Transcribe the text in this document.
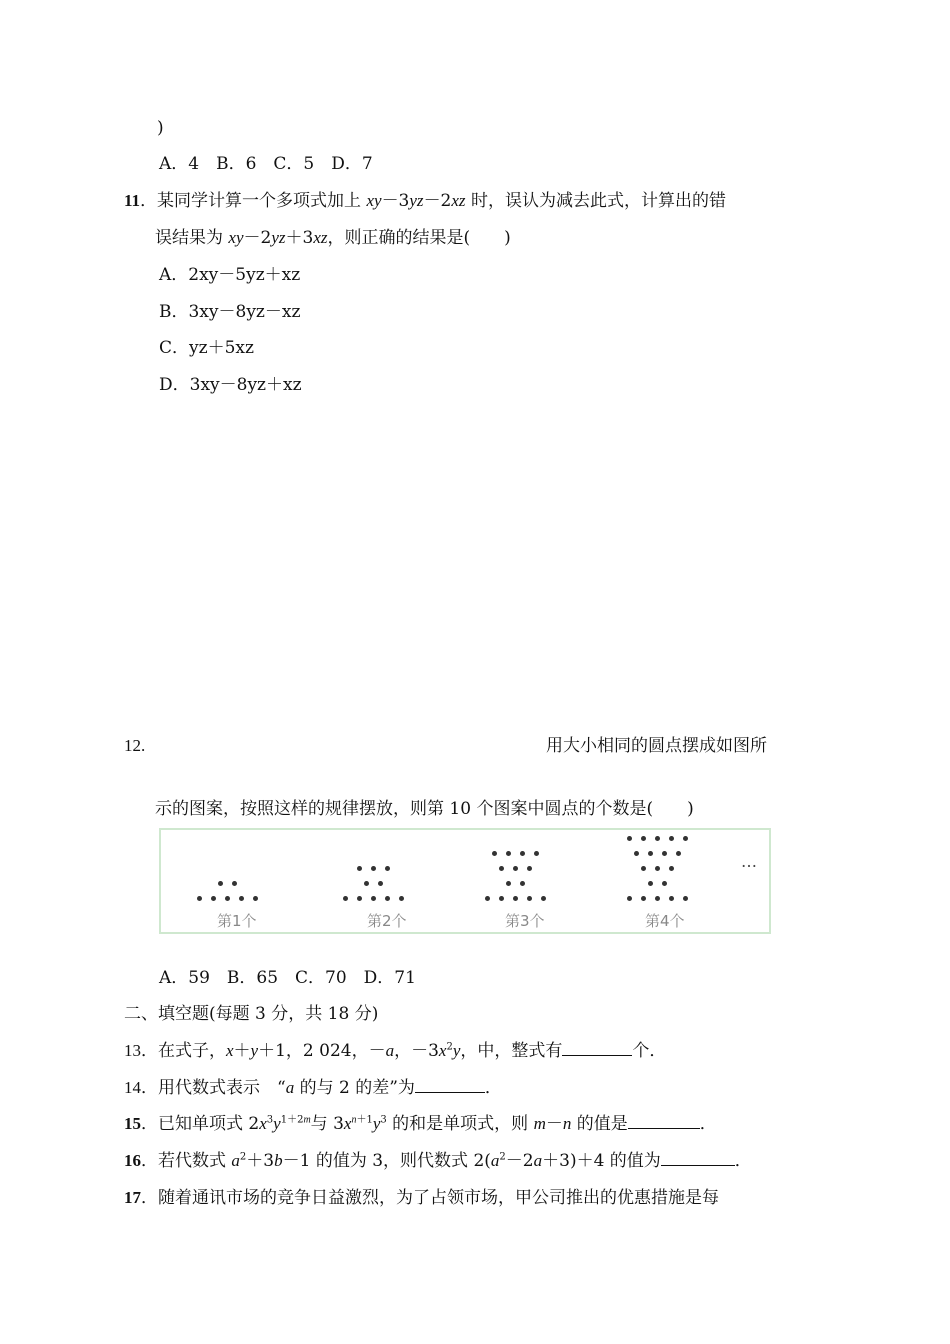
)
A．4　B．6　C．5　D．7
11．某同学计算一个多项式加上 xy－3yz－2xz 时，误认为减去此式，计算出的错
误结果为 xy－2yz＋3xz，则正确的结果是(　　)
A．2xy－5yz＋xz
B．3xy－8yz－xz
C．yz＋5xz
D．3xy－8yz＋xz
12.	用大小相同的圆点摆成如图所
示的图案，按照这样的规律摆放，则第 10 个图案中圆点的个数是(　　)
第1个	第2个	第3个	第4个
…
A．59　B．65　C．70　D．71
二、填空题(每题 3 分，共 18 分)
13．在式子，x＋y＋1，2 024，－a，$-3x^2y$，中，整式有	个．
14．用代数式表示　“a 的与 2 的差”为	．
15．已知单项式 $2x^3y^{1+2m}$与 $3x^{n+1}y^3$ 的和是单项式，则 m－n 的值是	．
16．若代数式 $a^2+3b-1$ 的值为 3，则代数式 $2(a^2-2a+3)+4$ 的值为	．
17．随着通讯市场的竞争日益激烈，为了占领市场，甲公司推出的优惠措施是每
